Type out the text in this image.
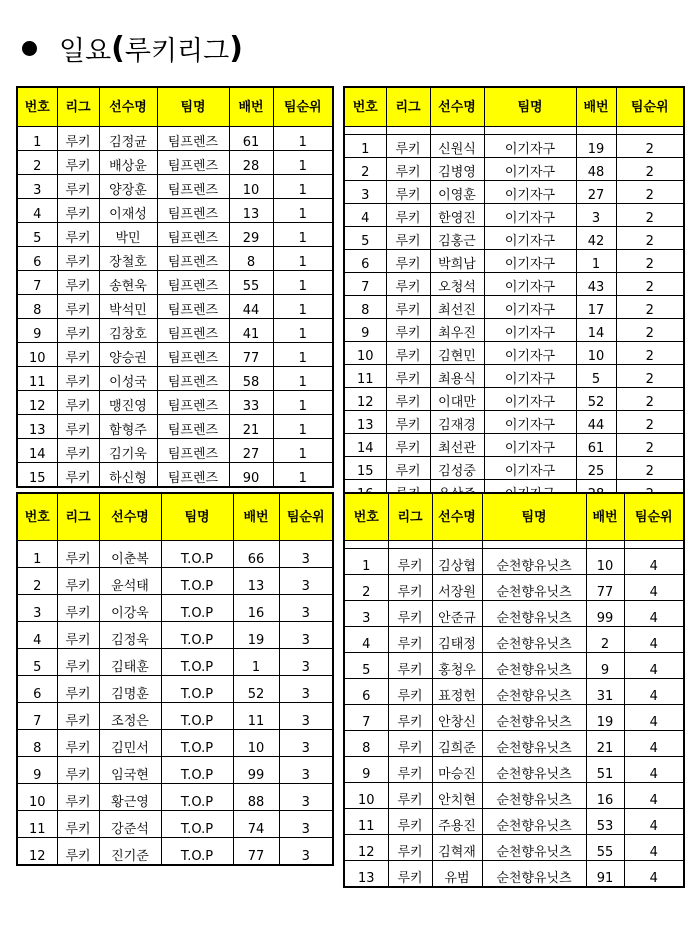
일요 ( 루키리그 )
번호	리그	선수명	팀명	배번	팀순위
1	루키	김정균	팀프렌즈	61	1
2	루키	배상윤	팀프렌즈	28	1
3	루키	양장훈	팀프렌즈	10	1
4	루키	이재성	팀프렌즈	13	1
5	루키	박민	팀프렌즈	29	1
6	루키	장철호	팀프렌즈	8	1
7	루키	송현욱	팀프렌즈	55	1
8	루키	박석민	팀프렌즈	44	1
9	루키	김창호	팀프렌즈	41	1
10	루키	양승권	팀프렌즈	77	1
11	루키	이성국	팀프렌즈	58	1
12	루키	맹진영	팀프렌즈	33	1
13	루키	함형주	팀프렌즈	21	1
14	루키	김기욱	팀프렌즈	27	1
15	루키	하신형	팀프렌즈	90	1
번호	리그	선수명	팀명	배번	팀순위

1	루키	신원식	이기자구	19	2
2	루키	김병영	이기자구	48	2
3	루키	이영훈	이기자구	27	2
4	루키	한영진	이기자구	3	2
5	루키	김홍근	이기자구	42	2
6	루키	박희남	이기자구	1	2
7	루키	오청석	이기자구	43	2
8	루키	최선진	이기자구	17	2
9	루키	최우진	이기자구	14	2
10	루키	김현민	이기자구	10	2
11	루키	최용식	이기자구	5	2
12	루키	이대만	이기자구	52	2
13	루키	김재경	이기자구	44	2
14	루키	최선관	이기자구	61	2
15	루키	김성중	이기자구	25	2

번호	리그	선수명	팀명	배번	팀순위
1	루키	이춘복	T.O.P	66	3
2	루키	윤석태	T.O.P	13	3
3	루키	이강욱	T.O.P	16	3
4	루키	김정욱	T.O.P	19	3
5	루키	김태훈	T.O.P	1	3
6	루키	김명훈	T.O.P	52	3
7	루키	조정은	T.O.P	11	3
8	루키	김민서	T.O.P	10	3
9	루키	임국현	T.O.P	99	3
10	루키	황근영	T.O.P	88	3
11	루키	강준석	T.O.P	74	3
12	루키	진기준	T.O.P	77	3
번호	리그	선수명	팀명	배번	팀순위

1	루키	김상협	순천향유닛츠	10	4
2	루키	서장원	순천향유닛츠	77	4
3	루키	안준규	순천향유닛츠	99	4
4	루키	김태정	순천향유닛츠	2	4
5	루키	홍청우	순천향유닛츠	9	4
6	루키	표정헌	순천향유닛츠	31	4
7	루키	안창신	순천향유닛츠	19	4
8	루키	김희준	순천향유닛츠	21	4
9	루키	마승진	순천향유닛츠	51	4
10	루키	안치현	순천향유닛츠	16	4
11	루키	주용진	순천향유닛츠	53	4
12	루키	김혁재	순천향유닛츠	55	4
13	루키	유범	순천향유닛츠	91	4
